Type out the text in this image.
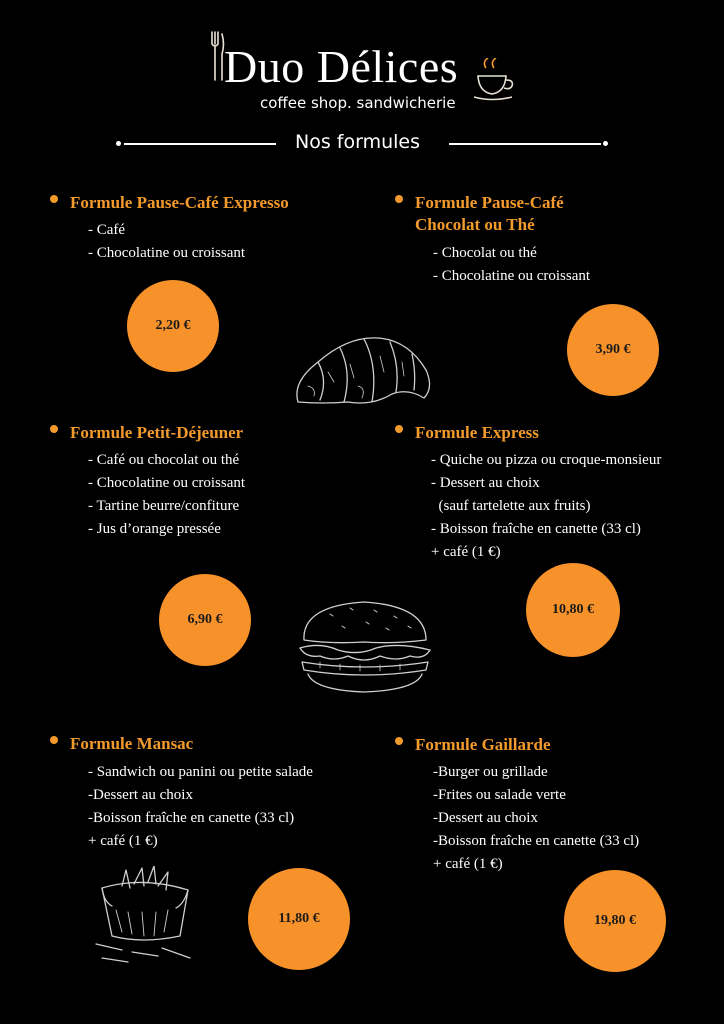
Duo Délices
coffee shop. sandwicherie
Nos formules
Formule Pause-Café Expresso
- Café
- Chocolatine ou croissant
2,20 €
Formule Pause-Café
Chocolat ou Thé
- Chocolat ou thé
- Chocolatine ou croissant
3,90 €
Formule Petit-Déjeuner
- Café ou chocolat ou thé
- Chocolatine ou croissant
- Tartine beurre/confiture
- Jus d’orange pressée
6,90 €
Formule Express
- Quiche ou pizza ou croque-monsieur
- Dessert au choix
(sauf tartelette aux fruits)
- Boisson fraîche en canette (33 cl)
+ café (1 €)
10,80 €
Formule Mansac
- Sandwich ou panini ou petite salade
-Dessert au choix
-Boisson fraîche en canette (33 cl)
+ café (1 €)
11,80 €
Formule Gaillarde
-Burger ou grillade
-Frites ou salade verte
-Dessert au choix
-Boisson fraîche en canette (33 cl)
+ café (1 €)
19,80 €
